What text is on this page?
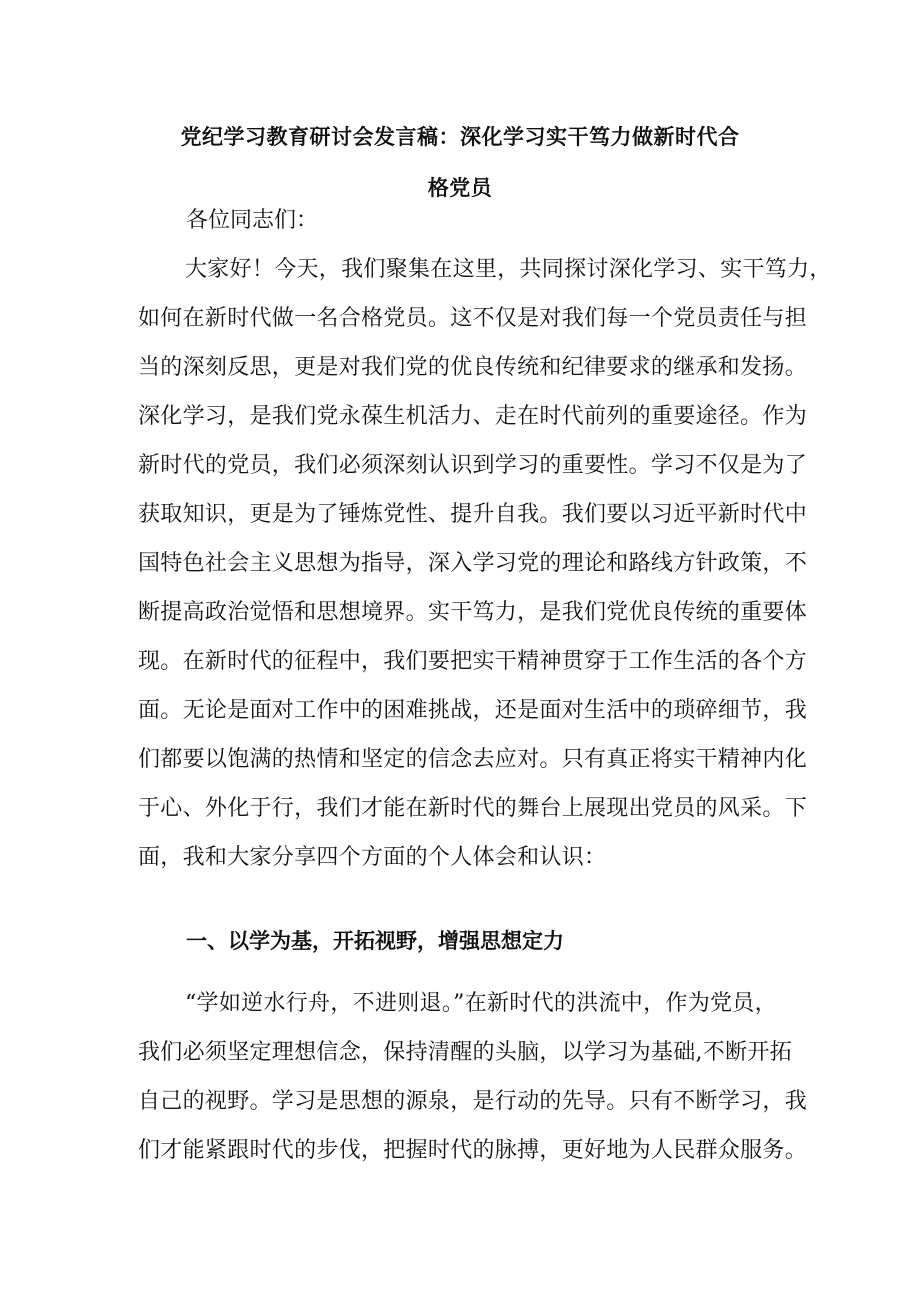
党纪学习教育研讨会发言稿：深化学习实干笃力做新时代合
格党员
各位同志们：
大家好！今天，我们聚集在这里，共同探讨深化学习、实干笃力，
如何在新时代做一名合格党员。这不仅是对我们每一个党员责任与担
当的深刻反思，更是对我们党的优良传统和纪律要求的继承和发扬。
深化学习，是我们党永葆生机活力、走在时代前列的重要途径。作为
新时代的党员，我们必须深刻认识到学习的重要性。学习不仅是为了
获取知识，更是为了锤炼党性、提升自我。我们要以习近平新时代中
国特色社会主义思想为指导，深入学习党的理论和路线方针政策，不
断提高政治觉悟和思想境界。实干笃力，是我们党优良传统的重要体
现。在新时代的征程中，我们要把实干精神贯穿于工作生活的各个方
面。无论是面对工作中的困难挑战，还是面对生活中的琐碎细节，我
们都要以饱满的热情和坚定的信念去应对。只有真正将实干精神内化
于心、外化于行，我们才能在新时代的舞台上展现出党员的风采。下
面，我和大家分享四个方面的个人体会和认识：
一、以学为基，开拓视野，增强思想定力
“学如逆水行舟，不进则退。”在新时代的洪流中，作为党员，
我们必须坚定理想信念，保持清醒的头脑，以学习为基础,不断开拓
自己的视野。学习是思想的源泉，是行动的先导。只有不断学习，我
们才能紧跟时代的步伐，把握时代的脉搏，更好地为人民群众服务。
